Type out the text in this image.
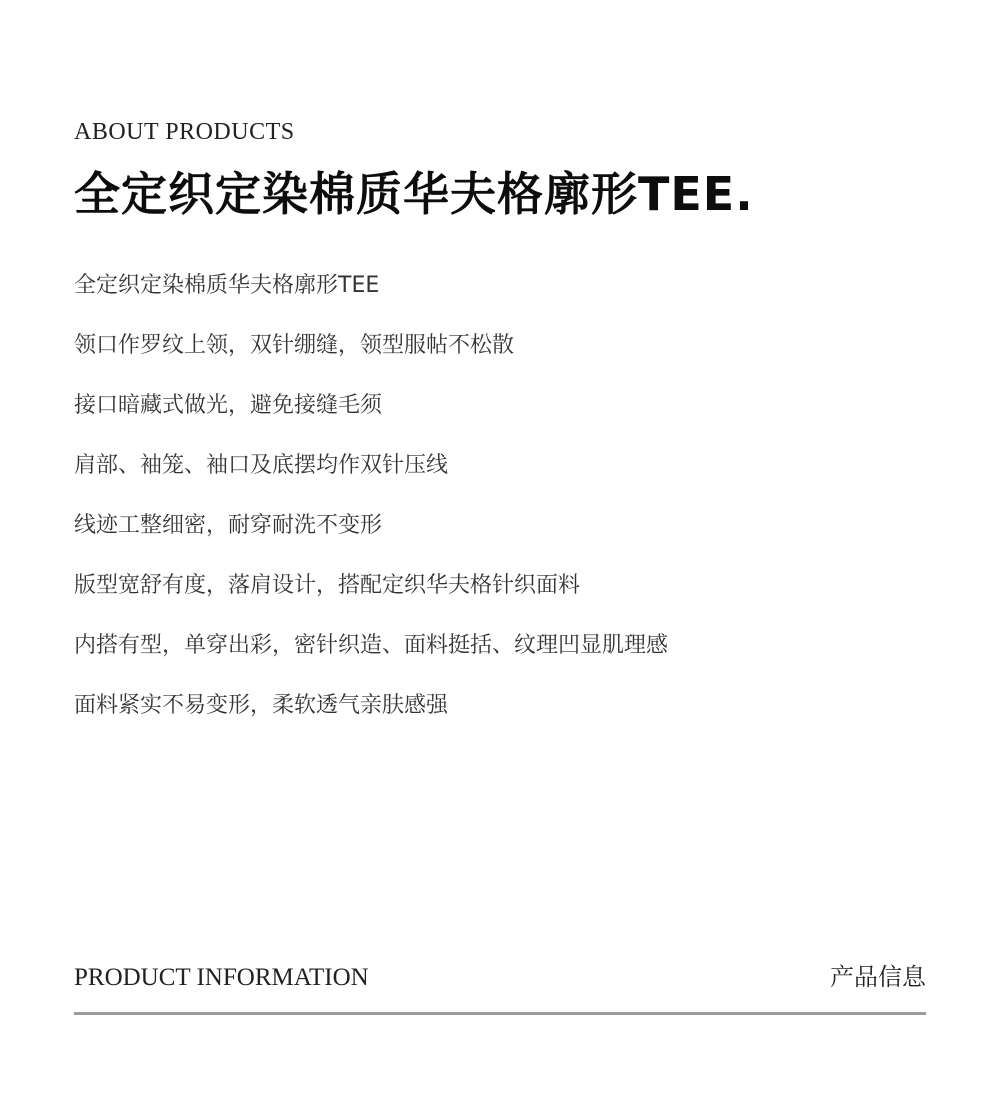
ABOUT PRODUCTS
全定织定染棉质华夫格廓形TEE.
全定织定染棉质华夫格廓形TEE
领口作罗纹上领，双针绷缝，领型服帖不松散
接口暗藏式做光，避免接缝毛须
肩部、袖笼、袖口及底摆均作双针压线
线迹工整细密，耐穿耐洗不变形
版型宽舒有度，落肩设计，搭配定织华夫格针织面料
内搭有型，单穿出彩，密针织造、面料挺括、纹理凹显肌理感
面料紧实不易变形，柔软透气亲肤感强
PRODUCT INFORMATION	产品信息
